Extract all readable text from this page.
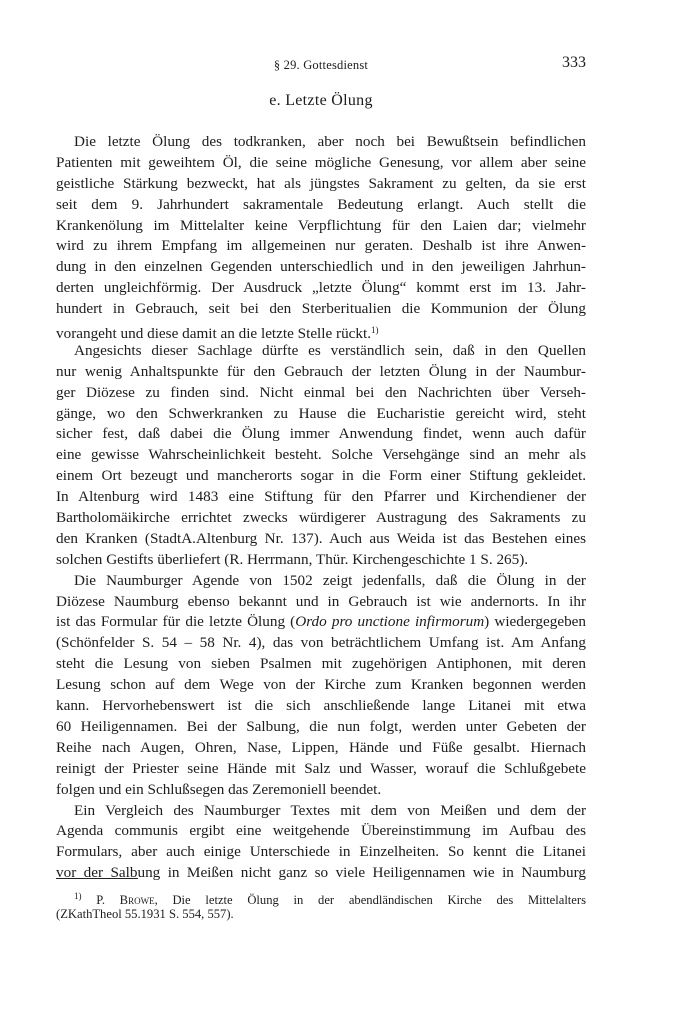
§ 29. Gottesdienst	333
e. Letzte Ölung
Die letzte Ölung des todkranken, aber noch bei Bewußtsein befindlichen
Patienten mit geweihtem Öl, die seine mögliche Genesung, vor allem aber seine
geistliche Stärkung bezweckt, hat als jüngstes Sakrament zu gelten, da sie erst
seit dem 9. Jahrhundert sakramentale Bedeutung erlangt. Auch stellt die
Krankenölung im Mittelalter keine Verpflichtung für den Laien dar; vielmehr
wird zu ihrem Empfang im allgemeinen nur geraten. Deshalb ist ihre Anwen-
dung in den einzelnen Gegenden unterschiedlich und in den jeweiligen Jahrhun-
derten ungleichförmig. Der Ausdruck „letzte Ölung“ kommt erst im 13. Jahr-
hundert in Gebrauch, seit bei den Sterberitualien die Kommunion der Ölung
vorangeht und diese damit an die letzte Stelle rückt.$^{1)}$
Angesichts dieser Sachlage dürfte es verständlich sein, daß in den Quellen
nur wenig Anhaltspunkte für den Gebrauch der letzten Ölung in der Naumbur-
ger Diözese zu finden sind. Nicht einmal bei den Nachrichten über Verseh-
gänge, wo den Schwerkranken zu Hause die Eucharistie gereicht wird, steht
sicher fest, daß dabei die Ölung immer Anwendung findet, wenn auch dafür
eine gewisse Wahrscheinlichkeit besteht. Solche Versehgänge sind an mehr als
einem Ort bezeugt und mancherorts sogar in die Form einer Stiftung gekleidet.
In Altenburg wird 1483 eine Stiftung für den Pfarrer und Kirchendiener der
Bartholomäikirche errichtet zwecks würdigerer Austragung des Sakraments zu
den Kranken (StadtA.Altenburg Nr. 137). Auch aus Weida ist das Bestehen eines
solchen Gestifts überliefert (R. Herrmann, Thür. Kirchengeschichte 1 S. 265).
Die Naumburger Agende von 1502 zeigt jedenfalls, daß die Ölung in der
Diözese Naumburg ebenso bekannt und in Gebrauch ist wie andernorts. In ihr
ist das Formular für die letzte Ölung (Ordo pro unctione infirmorum) wiedergegeben
(Schönfelder S. 54 – 58 Nr. 4), das von beträchtlichem Umfang ist. Am Anfang
steht die Lesung von sieben Psalmen mit zugehörigen Antiphonen, mit deren
Lesung schon auf dem Wege von der Kirche zum Kranken begonnen werden
kann. Hervorhebenswert ist die sich anschließende lange Litanei mit etwa
60 Heiligennamen. Bei der Salbung, die nun folgt, werden unter Gebeten der
Reihe nach Augen, Ohren, Nase, Lippen, Hände und Füße gesalbt. Hiernach
reinigt der Priester seine Hände mit Salz und Wasser, worauf die Schlußgebete
folgen und ein Schlußsegen das Zeremoniell beendet.
Ein Vergleich des Naumburger Textes mit dem von Meißen und dem der
Agenda communis ergibt eine weitgehende Übereinstimmung im Aufbau des
Formulars, aber auch einige Unterschiede in Einzelheiten. So kennt die Litanei
vor der Salbung in Meißen nicht ganz so viele Heiligennamen wie in Naumburg
$^{1)}$ P. Browe, Die letzte Ölung in der abendländischen Kirche des Mittelalters
(ZKathTheol 55.1931 S. 554, 557).
